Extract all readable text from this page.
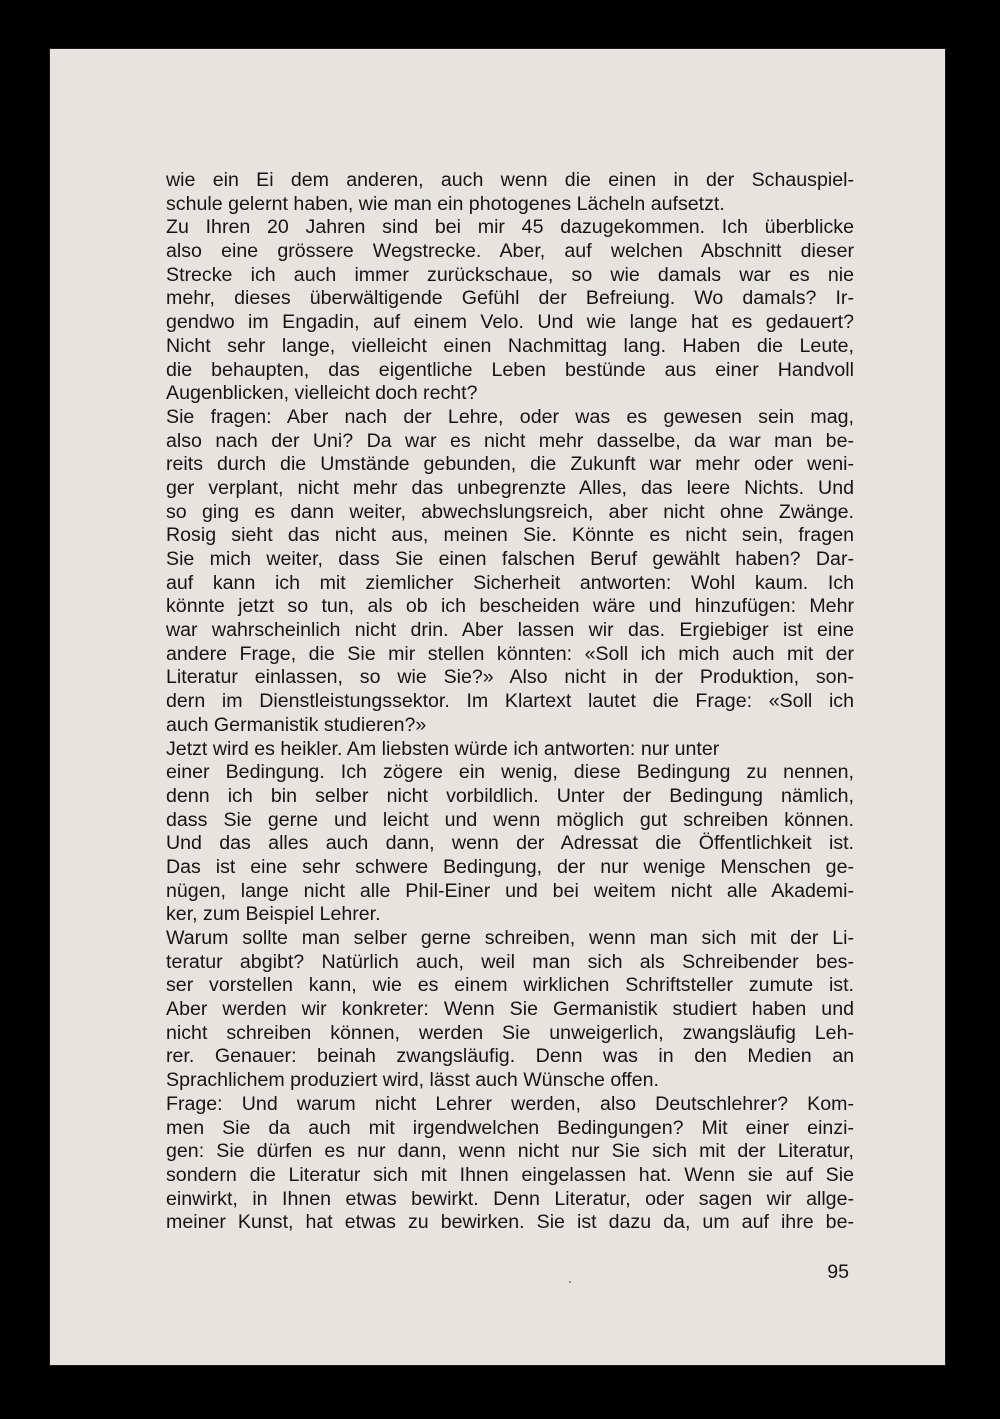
wie ein Ei dem anderen, auch wenn die einen in der Schauspiel-
schule gelernt haben, wie man ein photogenes Lächeln aufsetzt.
Zu Ihren 20 Jahren sind bei mir 45 dazugekommen. Ich überblicke
also eine grössere Wegstrecke. Aber, auf welchen Abschnitt dieser
Strecke ich auch immer zurückschaue, so wie damals war es nie
mehr, dieses überwältigende Gefühl der Befreiung. Wo damals? Ir-
gendwo im Engadin, auf einem Velo. Und wie lange hat es gedauert?
Nicht sehr lange, vielleicht einen Nachmittag lang. Haben die Leute,
die behaupten, das eigentliche Leben bestünde aus einer Handvoll
Augenblicken, vielleicht doch recht?
Sie fragen: Aber nach der Lehre, oder was es gewesen sein mag,
also nach der Uni? Da war es nicht mehr dasselbe, da war man be-
reits durch die Umstände gebunden, die Zukunft war mehr oder weni-
ger verplant, nicht mehr das unbegrenzte Alles, das leere Nichts. Und
so ging es dann weiter, abwechslungsreich, aber nicht ohne Zwänge.
Rosig sieht das nicht aus, meinen Sie. Könnte es nicht sein, fragen
Sie mich weiter, dass Sie einen falschen Beruf gewählt haben? Dar-
auf kann ich mit ziemlicher Sicherheit antworten: Wohl kaum. Ich
könnte jetzt so tun, als ob ich bescheiden wäre und hinzufügen: Mehr
war wahrscheinlich nicht drin. Aber lassen wir das. Ergiebiger ist eine
andere Frage, die Sie mir stellen könnten: «Soll ich mich auch mit der
Literatur einlassen, so wie Sie?» Also nicht in der Produktion, son-
dern im Dienstleistungssektor. Im Klartext lautet die Frage: «Soll ich
auch Germanistik studieren?»
Jetzt wird es heikler. Am liebsten würde ich antworten: nur unter
einer Bedingung. Ich zögere ein wenig, diese Bedingung zu nennen,
denn ich bin selber nicht vorbildlich. Unter der Bedingung nämlich,
dass Sie gerne und leicht und wenn möglich gut schreiben können.
Und das alles auch dann, wenn der Adressat die Öffentlichkeit ist.
Das ist eine sehr schwere Bedingung, der nur wenige Menschen ge-
nügen, lange nicht alle Phil-Einer und bei weitem nicht alle Akademi-
ker, zum Beispiel Lehrer.
Warum sollte man selber gerne schreiben, wenn man sich mit der Li-
teratur abgibt? Natürlich auch, weil man sich als Schreibender bes-
ser vorstellen kann, wie es einem wirklichen Schriftsteller zumute ist.
Aber werden wir konkreter: Wenn Sie Germanistik studiert haben und
nicht schreiben können, werden Sie unweigerlich, zwangsläufig Leh-
rer. Genauer: beinah zwangsläufig. Denn was in den Medien an
Sprachlichem produziert wird, lässt auch Wünsche offen.
Frage: Und warum nicht Lehrer werden, also Deutschlehrer? Kom-
men Sie da auch mit irgendwelchen Bedingungen? Mit einer einzi-
gen: Sie dürfen es nur dann, wenn nicht nur Sie sich mit der Literatur,
sondern die Literatur sich mit Ihnen eingelassen hat. Wenn sie auf Sie
einwirkt, in Ihnen etwas bewirkt. Denn Literatur, oder sagen wir allge-
meiner Kunst, hat etwas zu bewirken. Sie ist dazu da, um auf ihre be-
95
